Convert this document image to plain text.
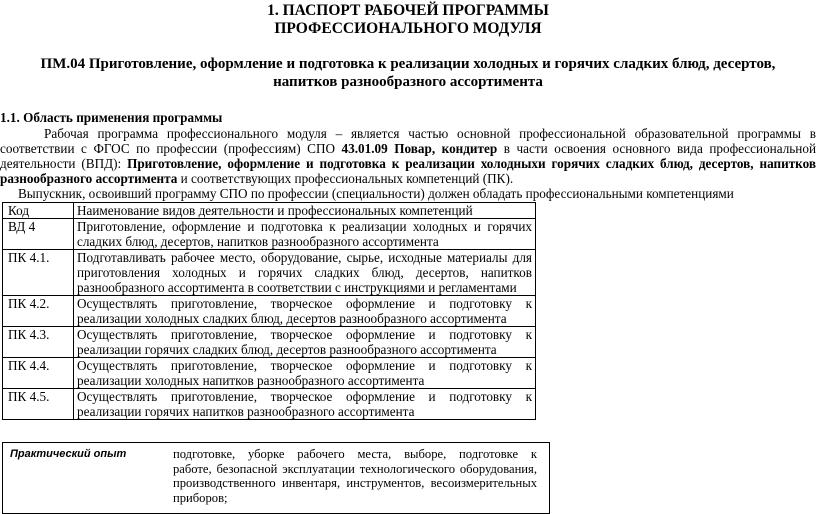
1. ПАСПОРТ РАБОЧЕЙ ПРОГРАММЫ
ПРОФЕССИОНАЛЬНОГО МОДУЛЯ
ПМ.04 Приготовление, оформление и подготовка к реализации холодных и горячих сладких блюд, десертов,
напитков разнообразного ассортимента
1.1. Область применения программы
Рабочая программа профессионального модуля – является частью основной профессиональной образовательной программы в
соответствии с ФГОС по профессии (профессиям) СПО 43.01.09 Повар, кондитер в части освоения основного вида профессиональной
деятельности (ВПД): Приготовление, оформление и подготовка к реализации холодныхи горячих сладких блюд, десертов, напитков
разнообразного ассортимента и соответствующих профессиональных компетенций (ПК).
Выпускник, освоивший программу СПО по профессии (специальности) должен обладать профессиональными компетенциями
Код	Наименование видов деятельности и профессиональных компетенций
ВД 4	Приготовление, оформление и подготовка к реализации холодных и горячих
сладких блюд, десертов, напитков разнообразного ассортимента

ПК 4.1.	Подготавливать рабочее место, оборудование, сырье, исходные материалы для
приготовления холодных и горячих сладких блюд, десертов, напитков
разнообразного ассортимента в соответствии с инструкциями и регламентами

ПК 4.2.	Осуществлять приготовление, творческое оформление и подготовку к
реализации холодных сладких блюд, десертов разнообразного ассортимента

ПК 4.3.	Осуществлять приготовление, творческое оформление и подготовку к
реализации горячих сладких блюд, десертов разнообразного ассортимента

ПК 4.4.	Осуществлять приготовление, творческое оформление и подготовку к
реализации холодных напитков разнообразного ассортимента

ПК 4.5.	Осуществлять приготовление, творческое оформление и подготовку к
реализации горячих напитков разнообразного ассортимента
Практический опыт	подготовке, уборке рабочего места, выборе, подготовке к
работе, безопасной эксплуатации технологического оборудования,
производственного инвентаря, инструментов, весоизмерительных
приборов;
